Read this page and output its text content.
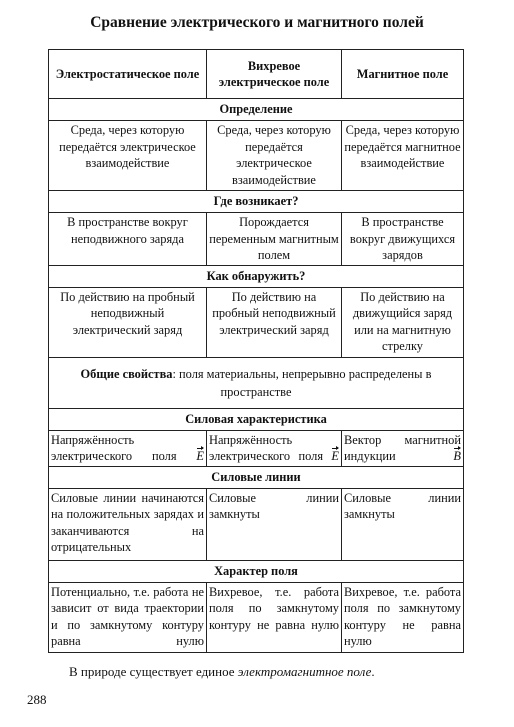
Сравнение электрического и магнитного полей
Электростатическое поле	Вихревое электрическое поле	Магнитное поле
Определение		
Среда, через которую передаётся электрическое взаимодействие	Среда, через которую передаётся электрическое взаимодействие	Среда, через которую передаётся магнитное взаимодействие
Где возникает?		
В пространстве вокруг неподвижного заряда	Порождается переменным магнитным полем	В пространстве вокруг движущихся зарядов
Как обнаружить?		
По действию на пробный неподвижный электрический заряд	По действию на пробный неподвижный электрический заряд	По действию на движущийся заряд или на магнитную стрелку
Общие свойства: поля материальны, непрерывно распределены в пространстве		
Силовая характеристика		
Напряжённость электрического поля E	Напряжённость электрического поля E	Вектор магнитной индукции B
Силовые линии		
Силовые линии начинаются на положительных зарядах и заканчиваются на отрицательных	Силовые линии замкнуты	Силовые линии замкнуты
Характер поля		
Потенциально, т.е. работа не зависит от вида траектории и по замкнутому контуру равна нулю	Вихревое, т.е. работа поля по замкнутому контуру не равна нулю	Вихревое, т.е. работа поля по замкнутому контуру не равна нулю
В природе существует единое электромагнитное поле.
288
